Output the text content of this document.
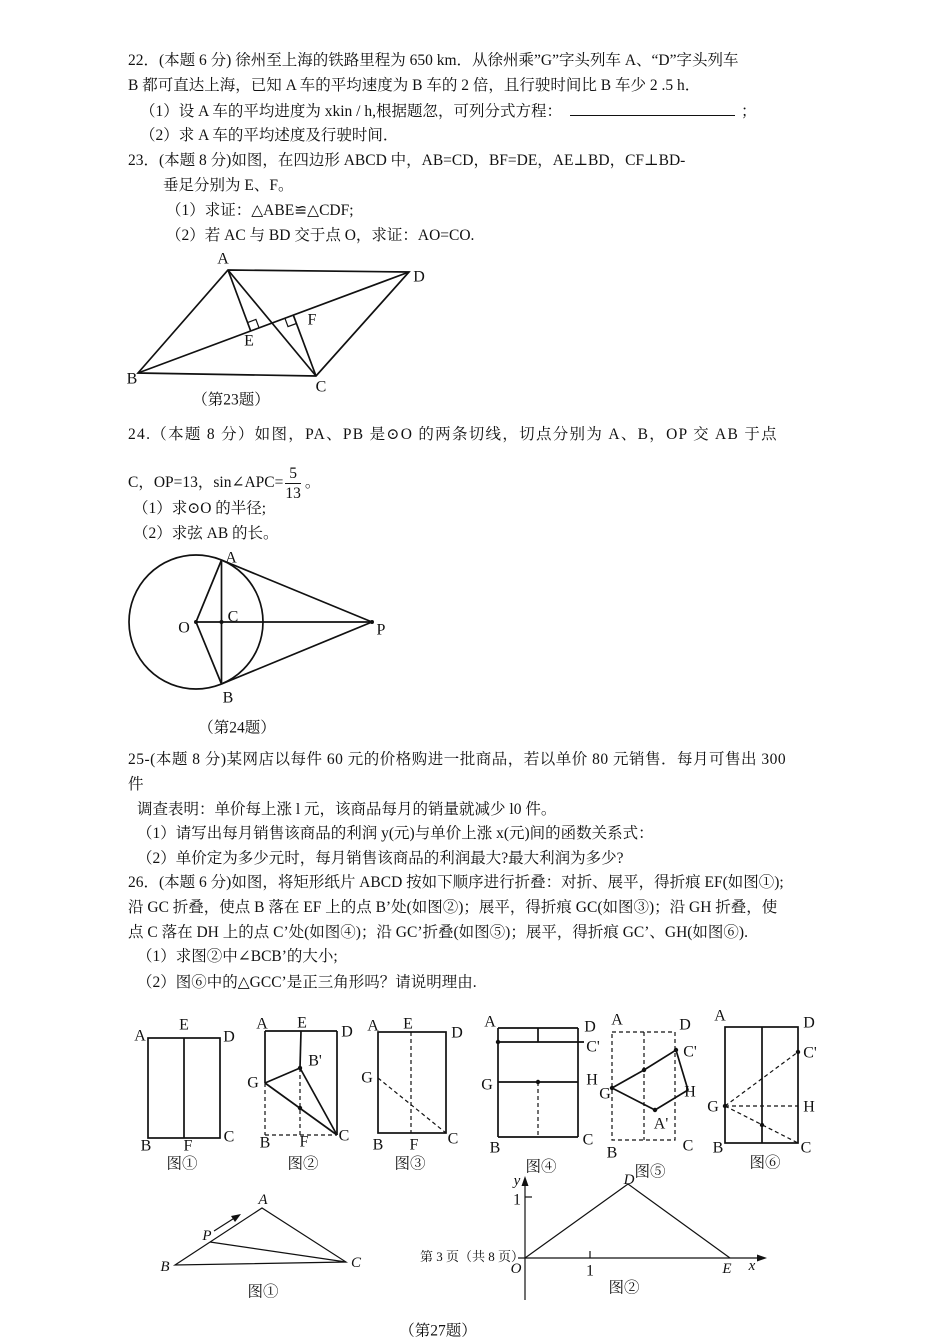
22．(本题 6 分) 徐州至上海的铁路里程为 650 km．从徐州乘”G”字头列车 A、“D”字头列车
B 都可直达上海，已知 A 车的平均速度为 B 车的 2 倍，且行驶时间比 B 车少 2 .5 h．
（1）设 A 车的平均进度为 xkin / h,根据题忽，可列分式方程：	；
（2）求 A 车的平均述度及行驶时间．
23．(本题 8 分)如图，在四边形 ABCD 中，AB=CD，BF=DE，AE⊥BD，CF⊥BD-
垂足分别为 E、F。
（1）求证：△ABE≌△CDF;
（2）若 AC 与 BD 交于点 O，求证：AO=CO.
A
D
B	C
E
F
（第23题）
24.（本题 8 分）如图，PA、PB 是⊙O 的两条切线，切点分别为 A、B，OP 交 AB 于点
C，OP=13，sin∠APC= $\frac{5}{13}$ 。
（1）求⊙O 的半径;
（2）求弦 AB 的长。
A
B
O
C
P
（第24题）
25-(本题 8 分)某网店以每件 60 元的价格购进一批商品，若以单价 80 元销售．每月可售出 300
件
调查表明：单价每上涨 l 元，该商品每月的销量就减少 l0 件。
（1）请写出每月销售该商品的利润 y(元)与单价上涨 x(元)间的函数关系式：
（2）单价定为多少元时，每月销售该商品的利润最大?最大利润为多少?
26．(本题 6 分)如图，将矩形纸片 ABCD 按如下顺序进行折叠：对折、展平，得折痕 EF(如图①);
沿 GC 折叠，使点 B 落在 EF 上的点 B’处(如图②)；展平，得折痕 GC(如图③)；沿 GH 折叠，使
点 C 落在 DH 上的点 C’处(如图④)；沿 GC’折叠(如图⑤)；展平，得折痕 GC’、GH(如图⑥).
（1）求图②中∠BCB’的大小;
（2）图⑥中的△GCC’是正三角形吗？请说明理由.
A
E
D
B F
C
图①
A E
D
G
B'
B F C
图②
A E
D
G
B F C
图③
A	D
C'
G	H
B	C
图④
A	D
C'
H
G
A'
B	C
图⑤
A	D
C'
G	H
B	C
图⑥
A
P
B	C
图①
y
1
D
O	1	E x
图②
（第27题）
第 3 页（共 8 页）
